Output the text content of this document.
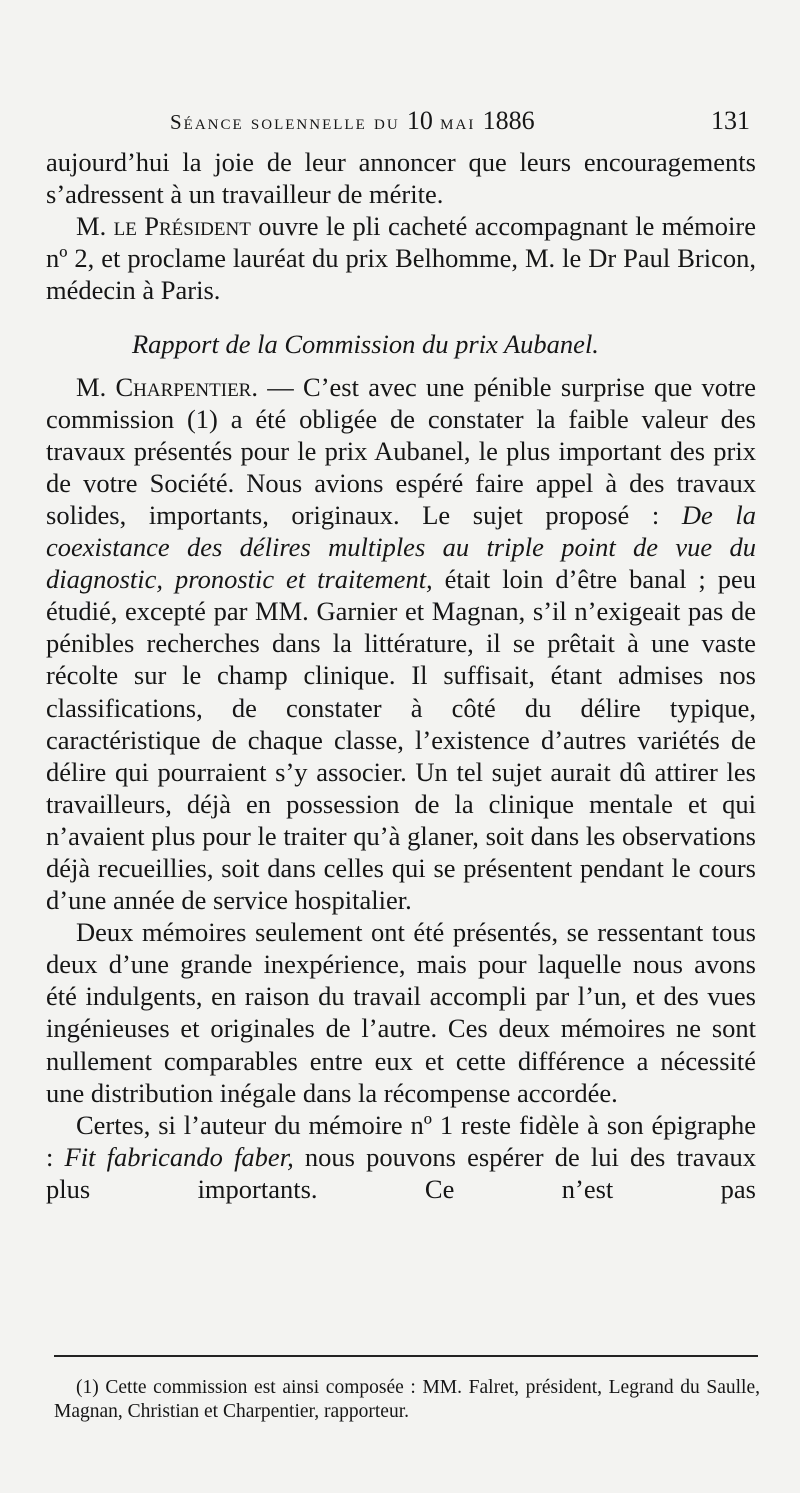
Séance solennelle du 10 mai 1886	131

aujourd’hui la joie de leur annoncer que leurs encouragements s’adressent à un travailleur de mérite.

M. le Président ouvre le pli cacheté accompagnant le mémoire nº 2, et proclame lauréat du prix Belhomme, M. le Dr Paul Bricon, médecin à Paris.

Rapport de la Commission du prix Aubanel.

M. Charpentier. — C’est avec une pénible surprise que votre commission (1) a été obligée de constater la faible valeur des travaux présentés pour le prix Aubanel, le plus important des prix de votre Société. Nous avions espéré faire appel à des travaux solides, importants, originaux. Le sujet proposé : De la coexistance des délires multiples au triple point de vue du diagnostic, pronostic et traitement, était loin d’être banal ; peu étudié, excepté par MM. Garnier et Magnan, s’il n’exigeait pas de pénibles recherches dans la littérature, il se prêtait à une vaste récolte sur le champ clinique. Il suffisait, étant admises nos classifications, de constater à côté du délire typique, caractéristique de chaque classe, l’existence d’autres variétés de délire qui pourraient s’y associer. Un tel sujet aurait dû attirer les travailleurs, déjà en possession de la clinique mentale et qui n’avaient plus pour le traiter qu’à glaner, soit dans les observations déjà recueillies, soit dans celles qui se présentent pendant le cours d’une année de service hospitalier.

Deux mémoires seulement ont été présentés, se ressentant tous deux d’une grande inexpérience, mais pour laquelle nous avons été indulgents, en raison du travail accompli par l’un, et des vues ingénieuses et originales de l’autre. Ces deux mémoires ne sont nullement comparables entre eux et cette différence a nécessité une distribution inégale dans la récompense accordée.

Certes, si l’auteur du mémoire nº 1 reste fidèle à son épigraphe : Fit fabricando faber, nous pouvons espérer de lui des travaux plus importants. Ce n’est pas

(1) Cette commission est ainsi composée : MM. Falret, président, Legrand du Saulle, Magnan, Christian et Charpentier, rapporteur.
